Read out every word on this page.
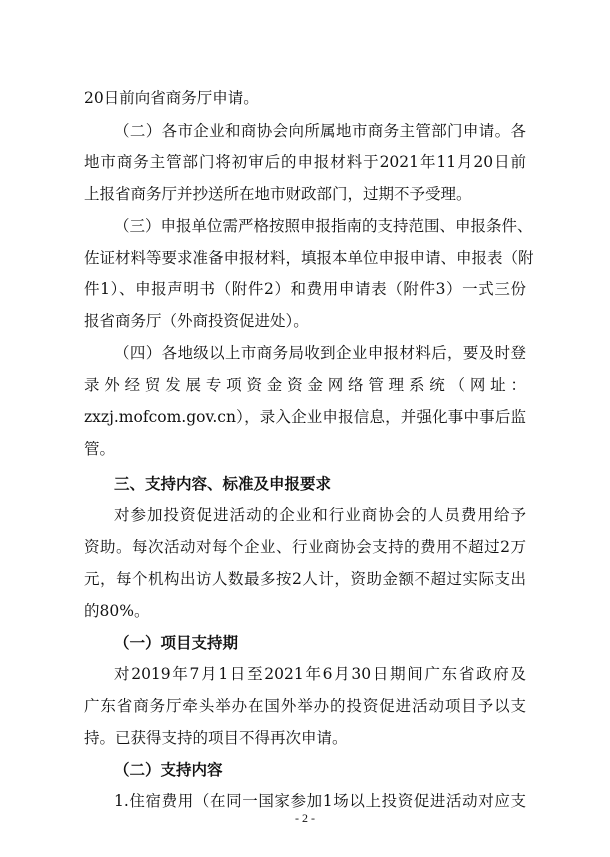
20日前向省商务厅申请。
（二）各市企业和商协会向所属地市商务主管部门申请。各
地市商务主管部门将初审后的申报材料于2021年11月20日前
上报省商务厅并抄送所在地市财政部门，过期不予受理。
（三）申报单位需严格按照申报指南的支持范围、申报条件、
佐证材料等要求准备申报材料，填报本单位申报申请、申报表（附
件1）、申报声明书（附件2）和费用申请表（附件3）一式三份
报省商务厅（外商投资促进处）。
（四）各地级以上市商务局收到企业申报材料后，要及时登
录外经贸发展专项资金资金网络管理系统（网址：
zxzj.mofcom.gov.cn），录入企业申报信息，并强化事中事后监
管。
三、支持内容、标准及申报要求
对参加投资促进活动的企业和行业商协会的人员费用给予
资助。每次活动对每个企业、行业商协会支持的费用不超过2万
元，每个机构出访人数最多按2人计，资助金额不超过实际支出
的80%。
（一）项目支持期
对2019年7月1日至2021年6月30日期间广东省政府及
广东省商务厅牵头举办在国外举办的投资促进活动项目予以支
持。已获得支持的项目不得再次申请。
（二）支持内容
1.住宿费用（在同一国家参加1场以上投资促进活动对应支
- 2 -
